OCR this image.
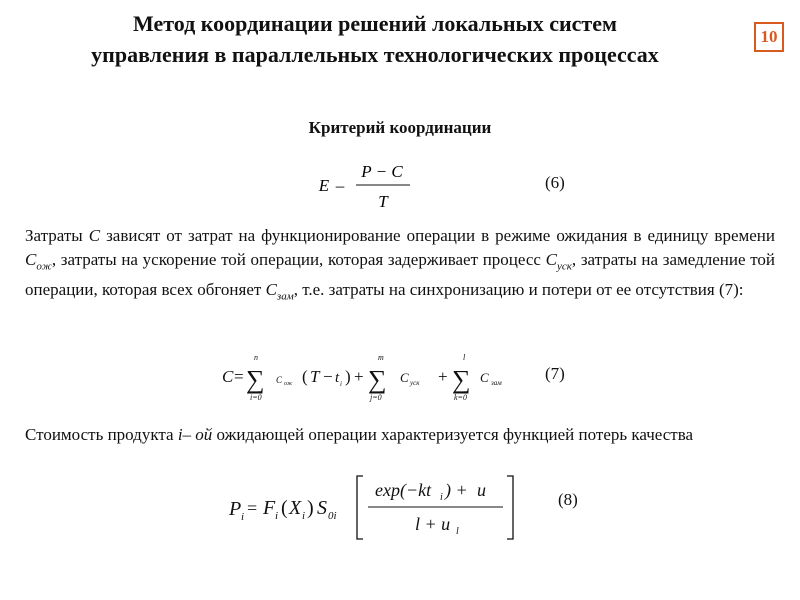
Метод координации решений локальных систем
управления в параллельных технологических процессах
10
Критерий координации
E –
P − C
T
(6)
Затраты C зависят от затрат на функционирование операции в режиме ожидания в единицу времени $C_{ож}$, затраты на ускорение той операции, которая задерживает процесс $C_{уск}$, затраты на замедление той операции, которая всех обгоняет $C_{зам}$, т.е. затраты на синхронизацию и потери от ее отсутствия (7):
C =
n
∑
i=0
C ож ( T − t i ) +
m
∑
j=0
C уск +
l
∑
k=0
C зам	(7)
Стоимость продукта i– ой ожидающей операции характеризуется функцией потерь качества
P i = F i ( X i ) S 0i
exp(−kt i ) + u
l + u l
(8)
